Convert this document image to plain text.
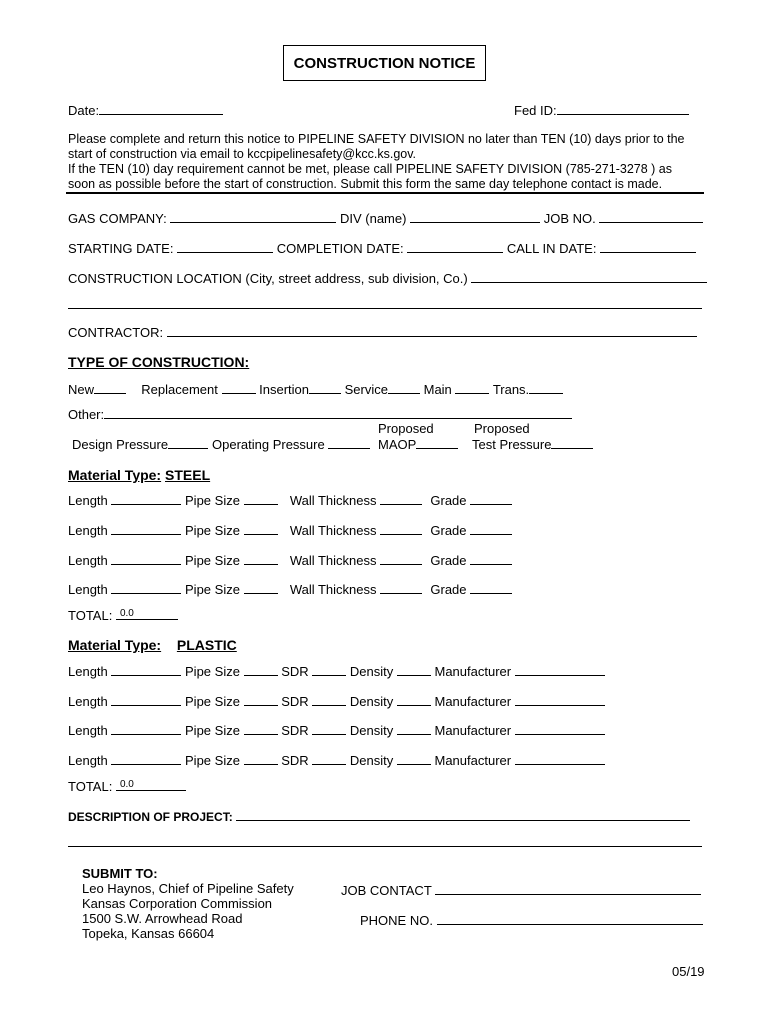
CONSTRUCTION NOTICE
Date:	Fed ID:
Please complete and return this notice to PIPELINE SAFETY DIVISION no later than TEN (10) days prior to the
start of construction via email to kccpipelinesafety@kcc.ks.gov.
If the TEN (10) day requirement cannot be met, please call PIPELINE SAFETY DIVISION (785-271-3278 ) as
soon as possible before the start of construction. Submit this form the same day telephone contact is made.
GAS COMPANY:	DIV (name)	JOB NO.
STARTING DATE:	COMPLETION DATE:	CALL IN DATE:
CONSTRUCTION LOCATION (City, street address, sub division, Co.)
CONTRACTOR:
TYPE OF CONSTRUCTION:
New	Replacement	Insertion	Service	Main	Trans.
Other:
Proposed	Proposed
Design Pressure	Operating Pressure	MAOP	Test Pressure
Material Type: STEEL
Length	Pipe Size	Wall Thickness	Grade
Length	Pipe Size	Wall Thickness	Grade
Length	Pipe Size	Wall Thickness	Grade
Length	Pipe Size	Wall Thickness	Grade
TOTAL: 0.0
Material Type: PLASTIC
Length	Pipe Size	SDR	Density	Manufacturer
Length	Pipe Size	SDR	Density	Manufacturer
Length	Pipe Size	SDR	Density	Manufacturer
Length	Pipe Size	SDR	Density	Manufacturer
TOTAL: 0.0
DESCRIPTION OF PROJECT:
SUBMIT TO:
Leo Haynos, Chief of Pipeline Safety
Kansas Corporation Commission
1500 S.W. Arrowhead Road
Topeka, Kansas 66604
JOB CONTACT
PHONE NO.
05/19
